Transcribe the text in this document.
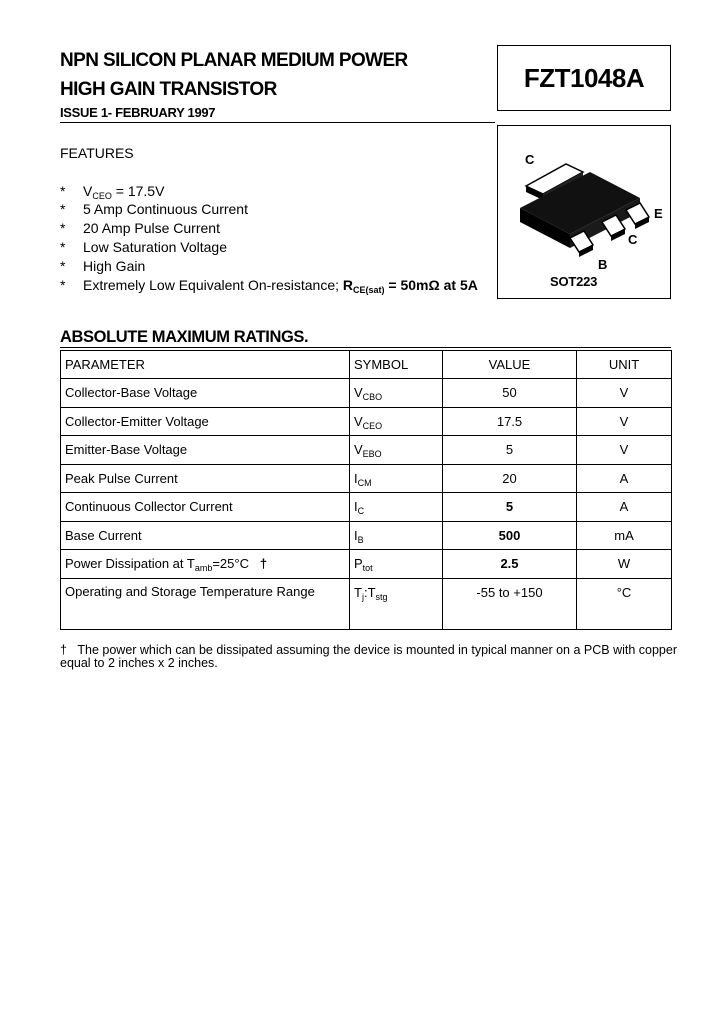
NPN SILICON PLANAR MEDIUM POWER
HIGH GAIN TRANSISTOR
ISSUE 1- FEBRUARY 1997
FZT1048A
C
E
C
B
SOT223
FEATURES
* $V_{CEO} = 17.5V$
* 5 Amp Continuous Current
* 20 Amp Pulse Current
* Low Saturation Voltage
* High Gain
* Extremely Low Equivalent On-resistance; $R_{CE(sat)} = 50m\Omega$ at 5A
ABSOLUTE MAXIMUM RATINGS.
PARAMETER	SYMBOL	VALUE	UNIT
Collector-Base Voltage	$V_{CBO}$	50	V
Collector-Emitter Voltage	$V_{CEO}$	17.5	V
Emitter-Base Voltage	$V_{EBO}$	5	V
Peak Pulse Current	$I_{CM}$	20	A
Continuous Collector Current	$I_C$	5	A
Base Current	$I_B$	500	mA
Power Dissipation at $T_{amb}=25^\circ C$ †	$P_{tot}$	2.5	W
Operating and Storage Temperature Range	$T_j:T_{stg}$	-55 to +150	°C
† The power which can be dissipated assuming the device is mounted in typical manner on a PCB with copper equal to 2 inches x 2 inches.
